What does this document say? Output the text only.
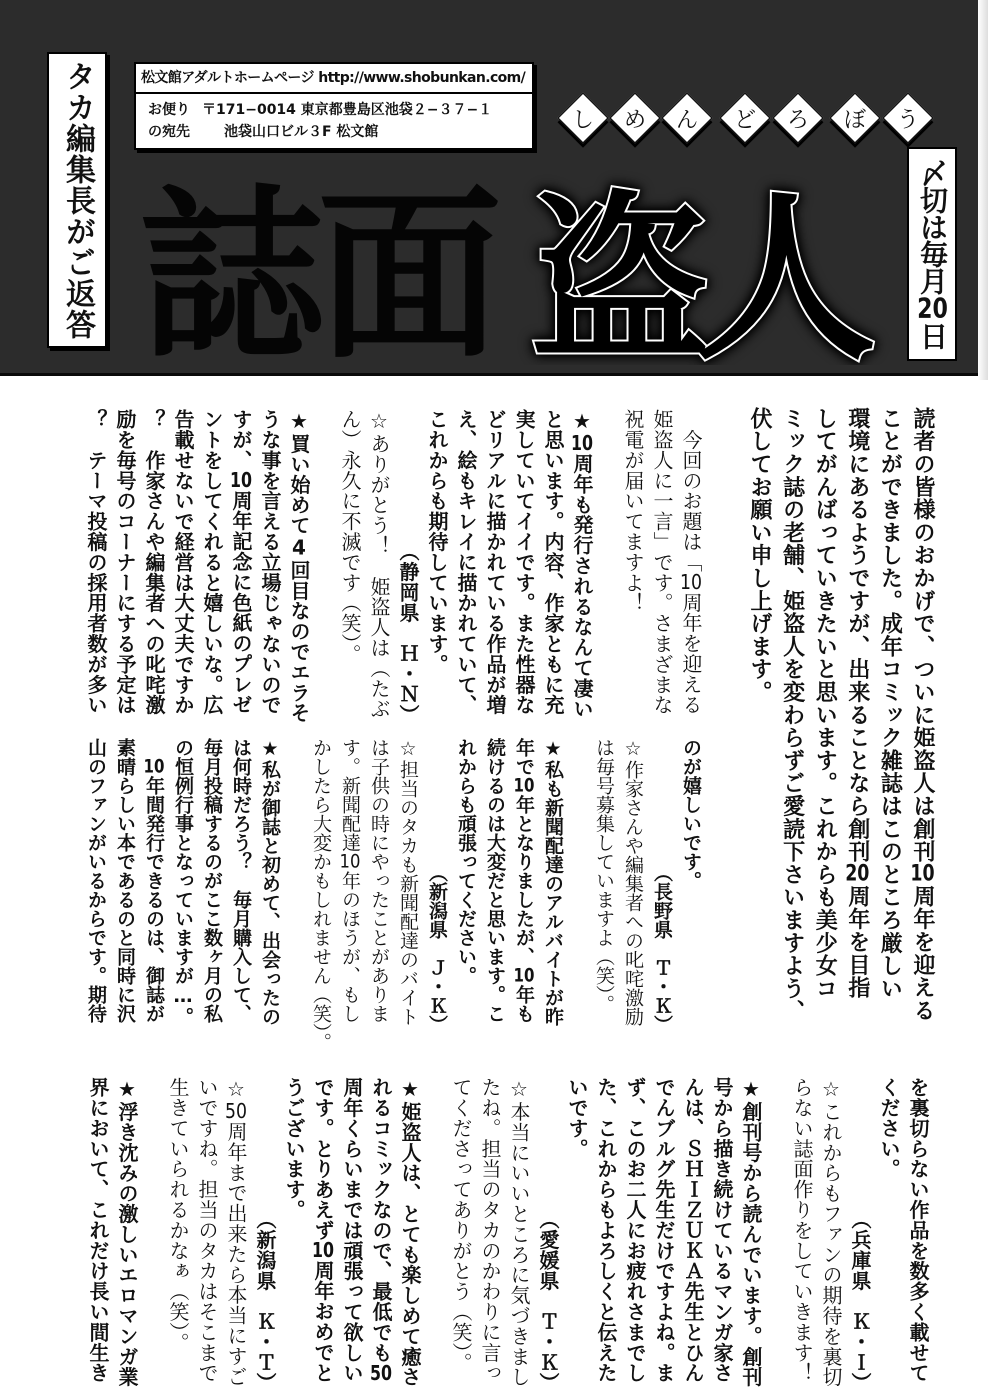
タカ編集長がご返答	松文館アダルトホームページ http://www.shobunkan.com/
お便り
の宛先
〒171−0014 東京都豊島区池袋２−３７−１
池袋山口ビル３F 松文館	し	め	ん	ど	ろ	ぼ	う
誌面 盗人	〆切は毎月20日
読者の皆様のおかげで、ついに姫盗人は創刊10周年を迎える
ことができました。成年コミック雑誌はこのところ厳しい
環境にあるようですが、出来ることなら創刊20周年を目指
してがんばっていきたいと思います。これからも美少女コ
ミック誌の老舗、姫盗人を変わらずご愛読下さいますよう、
伏してお願い申し上げます。
　今回のお題は「10周年を迎える
姫盗人に一言」です。さまざまな
祝電が届いてますよ！
★10周年も発行されるなんて凄い
と思います。内容、作家ともに充
実していてイイです。また性器な
どリアルに描かれている作品が増
え、絵もキレイに描かれていて、
これからも期待しています。
（静岡県　Ｈ・Ｎ）
☆ありがとう！　姫盗人は（たぶ
ん）永久に不滅です（笑）。
★買い始めて4回目なのでエラそ
うな事を言える立場じゃないので
すが、10周年記念に色紙のプレゼ
ントをしてくれると嬉しいな。広
告載せないで経営は大丈夫ですか
？　作家さんや編集者への叱咤激
励を毎号のコーナーにする予定は
？　テーマ投稿の採用者数が多い
のが嬉しいです。
（長野県　Ｔ・Ｋ）
☆作家さんや編集者への叱咤激励
は毎号募集していますよ（笑）。
★私も新聞配達のアルバイトが昨
年で10年となりましたが、10年も
続けるのは大変だと思います。こ
れからも頑張ってください。
（新潟県　Ｊ・Ｋ）
☆担当のタカも新聞配達のバイト
は子供の時にやったことがありま
す。新聞配達10年のほうが、もし
かしたら大変かもしれません（笑）。
★私が御誌と初めて、出会ったの
は何時だろう？　毎月購入して、
毎月投稿するのがここ数ヶ月の私
の恒例行事となっていますが…。
　10年間発行できるのは、御誌が
素晴らしい本であるのと同時に沢
山のファンがいるからです。期待
を裏切らない作品を数多く載せて
ください。
（兵庫県　Ｋ・Ｉ）
☆これからもファンの期待を裏切
らない誌面作りをしていきます！
★創刊号から読んでいます。創刊
号から描き続けているマンガ家さ
んは、ＳＨＩＺＵＫＡ先生とひん
でんブルグ先生だけですよね。ま
ず、このお二人にお疲れさまでし
た、これからもよろしくと伝えた
いです。
（愛媛県　Ｔ・Ｋ）
☆本当にいいところに気づきまし
たね。担当のタカのかわりに言っ
てくださってありがとう（笑）。
★姫盗人は、とても楽しめて癒さ
れるコミックなので、最低でも50
周年くらいまでは頑張って欲しい
です。とりあえず10周年おめでと
うございます。
（新潟県　Ｋ・Ｔ）
☆50周年まで出来たら本当にすご
いですね。担当のタカはそこまで
生きていられるかなぁ（笑）。
★浮き沈みの激しいエロマンガ業
界において、これだけ長い間生き
